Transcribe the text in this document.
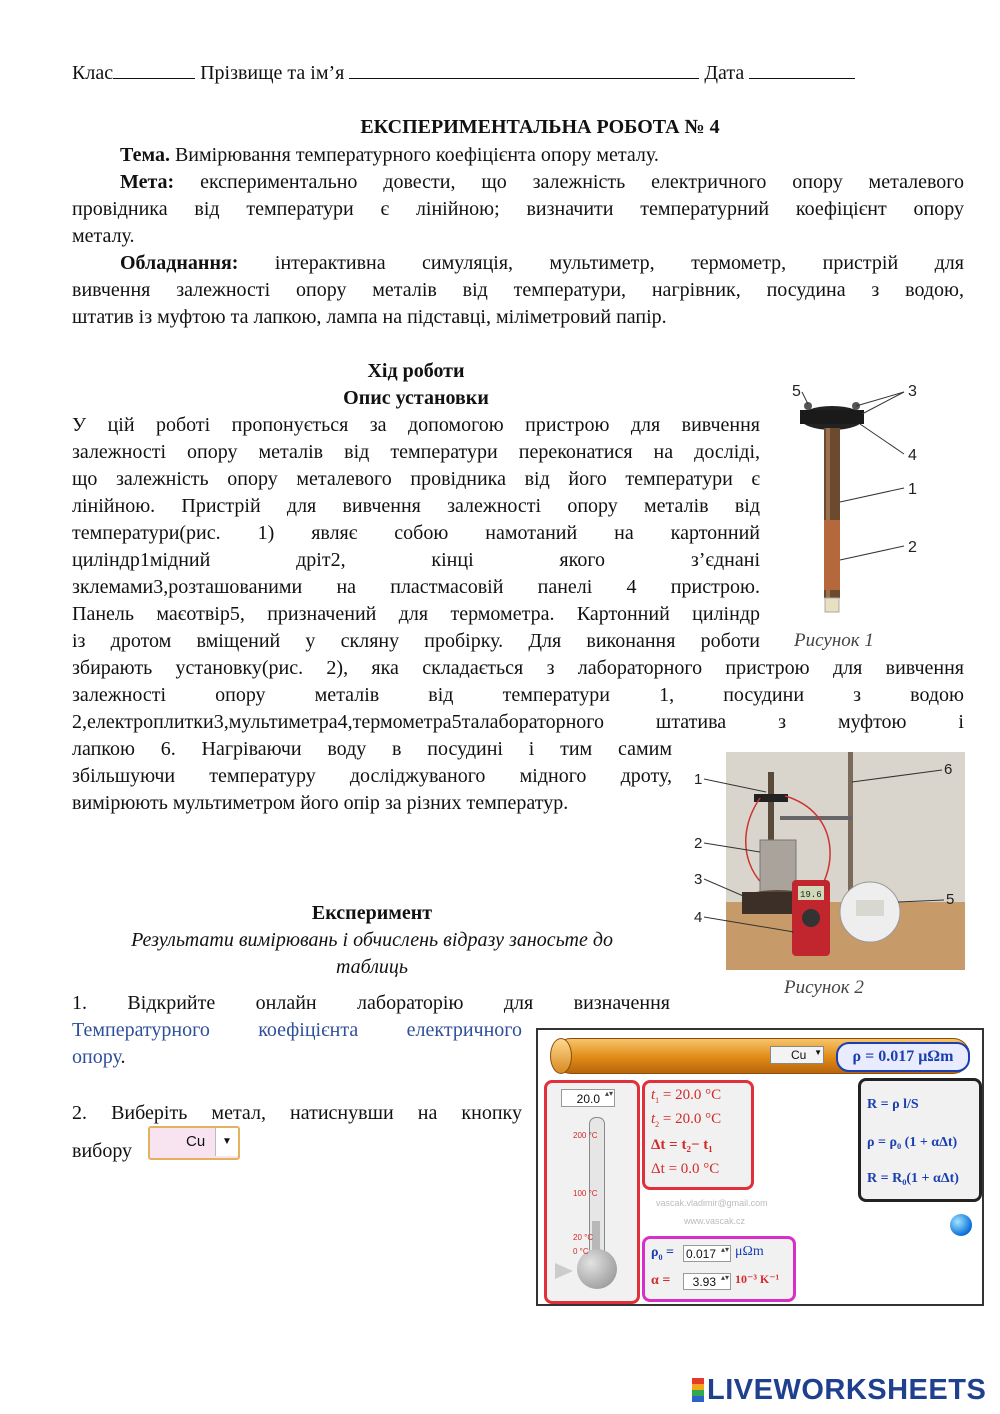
Клас	Прізвище та ім’я	Дата
ЕКСПЕРИМЕНТАЛЬНА РОБОТА № 4
Тема. Вимірювання температурного коефіцієнта опору металу.
Мета: експериментально довести, що залежність електричного опору металевого
провідника від температури є лінійною; визначити температурний коефіцієнт опору
металу.
Обладнання: інтерактивна симуляція, мультиметр, термометр, пристрій для
вивчення залежності опору металів від температури, нагрівник, посудина з водою,
штатив із муфтою та лапкою, лампа на підставці, міліметровий папір.
Хід роботи
Опис установки
У цій роботі пропонується за допомогою пристрою для вивчення
залежності опору металів від температури переконатися на досліді,
що залежність опору металевого провідника від його температури є
лінійною. Пристрій для вивчення залежності опору металів від
температури(рис. 1) являє собою намотаний на картонний
циліндр1мідний дріт2, кінці якого з’єднані
зклемами3,розташованими на пластмасовій панелі 4 пристрою.
Панель маєотвір5, призначений для термометра. Картонний циліндр
із дротом вміщений у скляну пробірку. Для виконання роботи
збирають установку(рис. 2), яка складається з лабораторного пристрою для вивчення
залежності опору металів від температури 1, посудини з водою
2,електроплитки3,мультиметра4,термометра5талабораторного штатива з муфтою і
лапкою 6. Нагріваючи воду в посудині і тим самим
збільшуючи температуру досліджуваного мідного дроту,
вимірюють мультиметром його опір за різних температур.
5	3
4
1
2
Рисунок 1
19.6
1
6
2
3
4
5
Рисунок 2
Експеримент
Результати вимірювань і обчислень відразу заносьте до
таблиць
1. Відкрийте онлайн лабораторію для визначення
Температурного коефіцієнта електричного
опору.
2. Виберіть метал, натиснувши на кнопку
вибору	Cu	▼
Cu ▼	ρ = 0.017 μΩm
20.0 ▴▾
200 °C
100 °C
20 °C
0 °C
$t_1 = 20.0$ °C
$t_2 = 20.0$ °C
Δt = t₂− t₁
Δt = 0.0 °C
R = ρ l/S
ρ = ρ₀ (1 + αΔt)
R = R₀(1 + αΔt)
vascak.vladimir@gmail.com
www.vascak.cz
$\rho_0 = 0.017$ ▴▾	μΩm
α =	3.93 ▴▾	10⁻³ K⁻¹
LIVEWORKSHEETS
